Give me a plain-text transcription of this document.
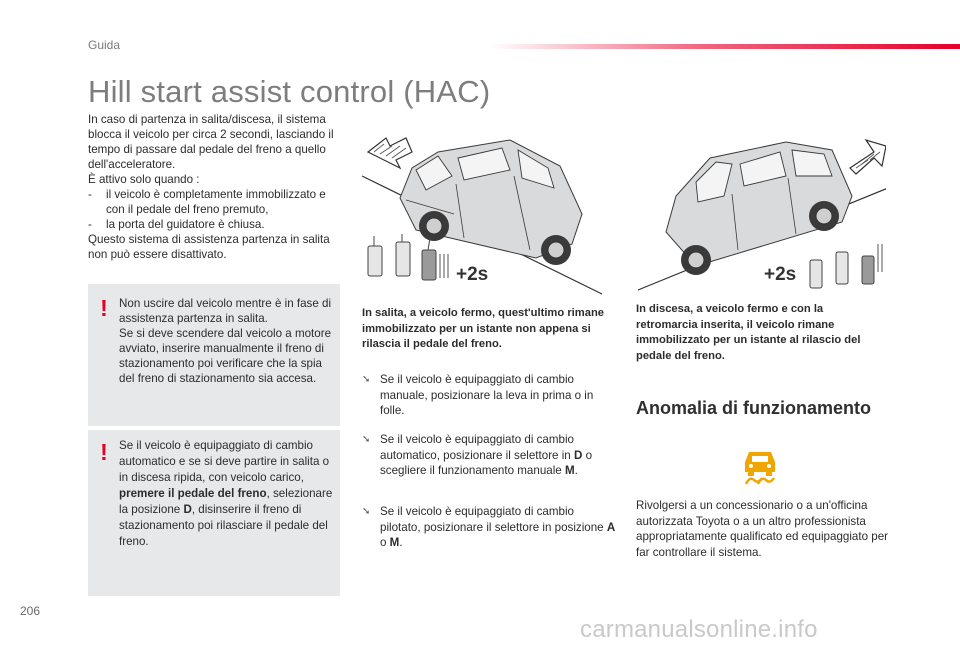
Guida
Hill start assist control (HAC)

In caso di partenza in salita/discesa, il sistema blocca il veicolo per circa 2 secondi, lasciando il tempo di passare dal pedale del freno a quello dell'acceleratore.

È attivo solo quando :

- il veicolo è completamente immobilizzato e con il pedale del freno premuto,

- la porta del guidatore è chiusa.

Questo sistema di assistenza partenza in salita non può essere disattivato.

! Non uscire dal veicolo mentre è in fase di assistenza partenza in salita.
Se si deve scendere dal veicolo a motore avviato, inserire manualmente il freno di stazionamento poi verificare che la spia del freno di stazionamento sia accesa.
! Se il veicolo è equipaggiato di cambio automatico e se si deve partire in salita o in discesa ripida, con veicolo carico, premere il pedale del freno, selezionare la posizione D, disinserire il freno di stazionamento poi rilasciare il pedale del freno.
+2s	+2s
In salita, a veicolo fermo, quest'ultimo rimane immobilizzato per un istante non appena si rilascia il pedale del freno.
➘ Se il veicolo è equipaggiato di cambio manuale, posizionare la leva in prima o in folle.
➘ Se il veicolo è equipaggiato di cambio automatico, posizionare il selettore in D o scegliere il funzionamento manuale M.
➘ Se il veicolo è equipaggiato di cambio pilotato, posizionare il selettore in posizione A o M.
In discesa, a veicolo fermo e con la retromarcia inserita, il veicolo rimane immobilizzato per un istante al rilascio del pedale del freno.
Anomalia di funzionamento
Rivolgersi a un concessionario o a un'officina autorizzata Toyota o a un altro professionista appropriatamente qualificato ed equipaggiato per far controllare il sistema.
206
carmanualsonline.info
